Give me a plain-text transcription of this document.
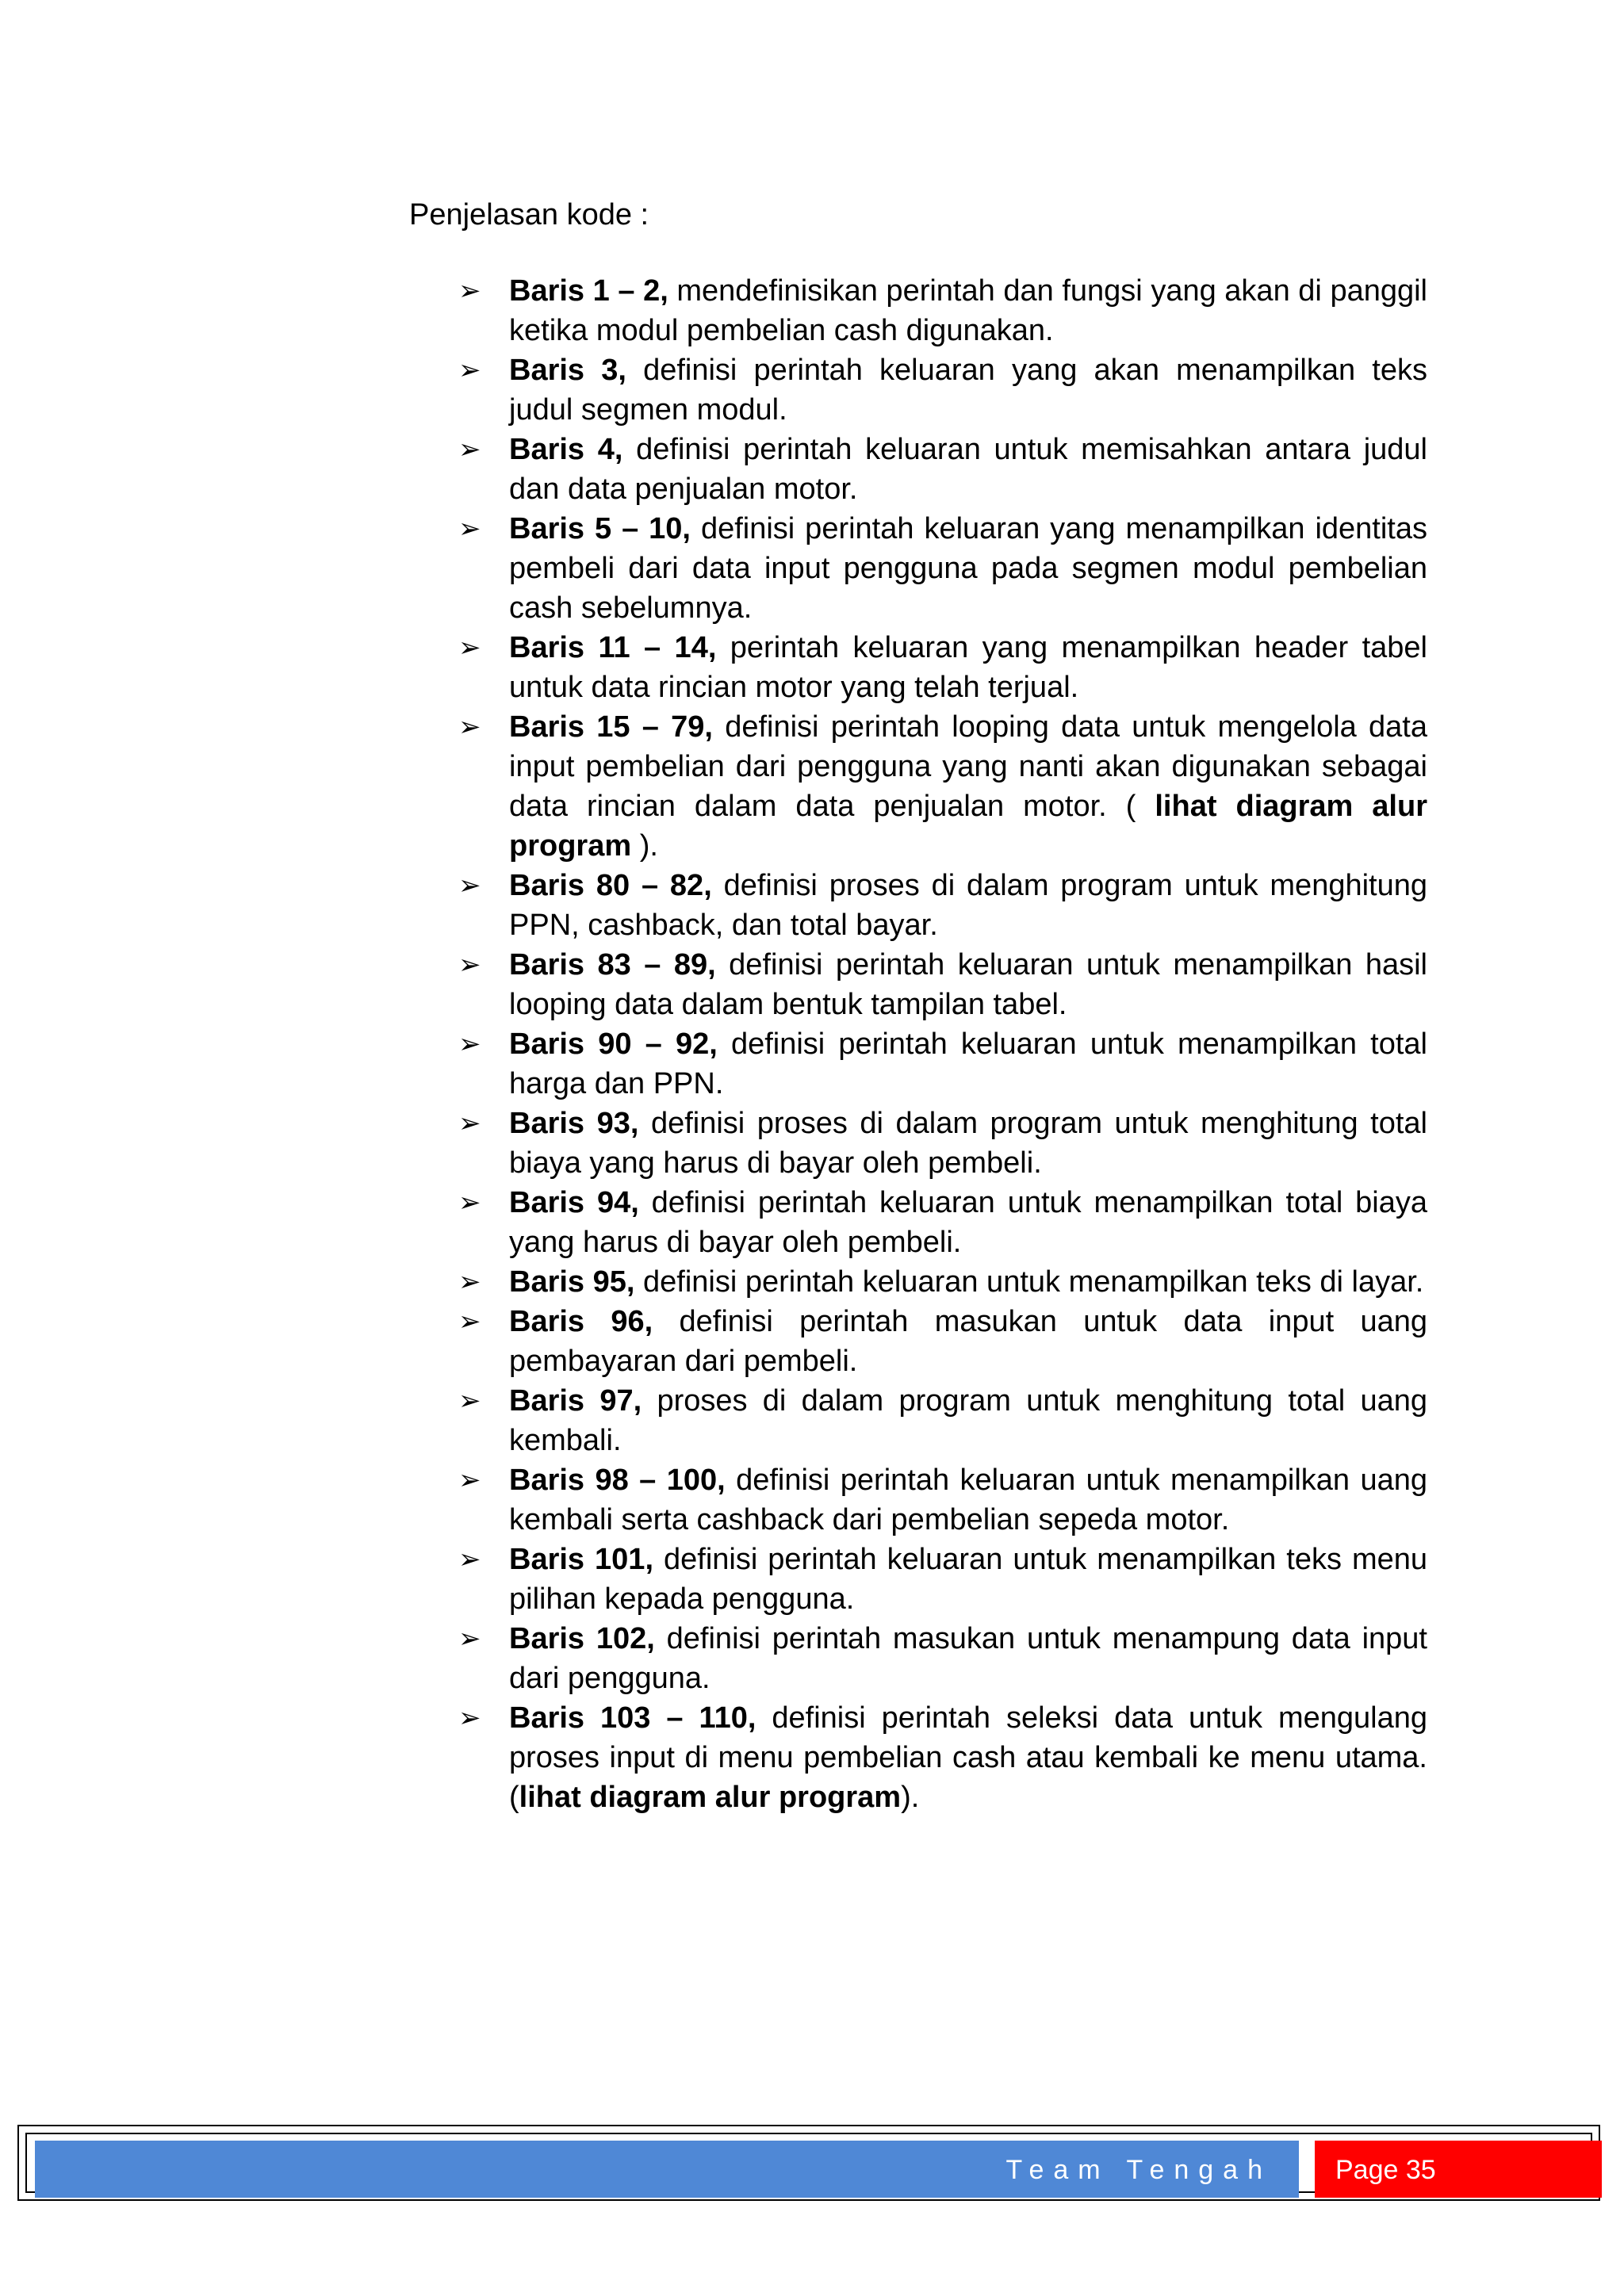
Penjelasan kode :

➢ Baris 1 – 2, mendefinisikan perintah dan fungsi yang akan di panggil ketika modul pembelian cash digunakan.
➢ Baris 3, definisi perintah keluaran yang akan menampilkan teks judul segmen modul.
➢ Baris 4, definisi perintah keluaran untuk memisahkan antara judul dan data penjualan motor.
➢ Baris 5 – 10, definisi perintah keluaran yang menampilkan identitas pembeli dari data input pengguna pada segmen modul pembelian cash sebelumnya.
➢ Baris 11 – 14, perintah keluaran yang menampilkan header tabel untuk data rincian motor yang telah terjual.
➢ Baris 15 – 79, definisi perintah looping data untuk mengelola data input pembelian dari pengguna yang nanti akan digunakan sebagai data rincian dalam data penjualan motor. ( lihat diagram alur program ).
➢ Baris 80 – 82, definisi proses di dalam program untuk menghitung PPN, cashback, dan total bayar.
➢ Baris 83 – 89, definisi perintah keluaran untuk menampilkan hasil looping data dalam bentuk tampilan tabel.
➢ Baris 90 – 92, definisi perintah keluaran untuk menampilkan total harga dan PPN.
➢ Baris 93, definisi proses di dalam program untuk menghitung total biaya yang harus di bayar oleh pembeli.
➢ Baris 94, definisi perintah keluaran untuk menampilkan total biaya yang harus di bayar oleh pembeli.
➢ Baris 95, definisi perintah keluaran untuk menampilkan teks di layar.
➢ Baris 96, definisi perintah masukan untuk data input uang pembayaran dari pembeli.
➢ Baris 97, proses di dalam program untuk menghitung total uang kembali.
➢ Baris 98 – 100, definisi perintah keluaran untuk menampilkan uang kembali serta cashback dari pembelian sepeda motor.
➢ Baris 101, definisi perintah keluaran untuk menampilkan teks menu pilihan kepada pengguna.
➢ Baris 102, definisi perintah masukan untuk menampung data input dari pengguna.
➢ Baris 103 – 110, definisi perintah seleksi data untuk mengulang proses input di menu pembelian cash atau kembali ke menu utama. (lihat diagram alur program).
Team Tengah Page 35
